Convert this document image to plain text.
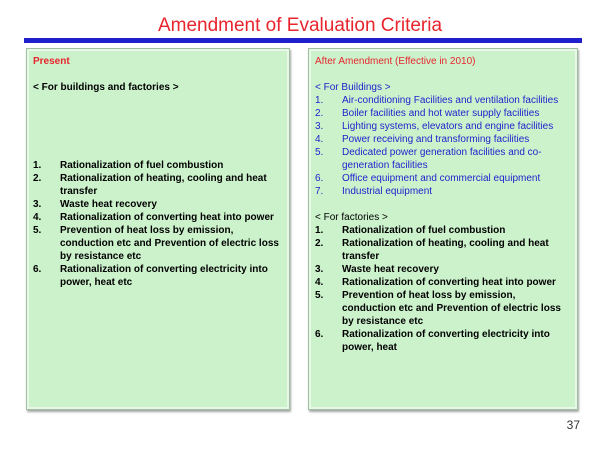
Amendment of Evaluation Criteria
Present
< For buildings and factories >
1.	Rationalization of fuel combustion
2.	Rationalization of heating, cooling and heat transfer
3.	Waste heat recovery
4.	Rationalization of converting heat into power
5.	Prevention of heat loss by emission, conduction etc and Prevention of electric loss by resistance etc
6.	Rationalization of converting electricity into power, heat etc
After Amendment (Effective in 2010)
< For Buildings >
1.	Air-conditioning Facilities and ventilation facilities
2.	Boiler facilities and hot water supply facilities
3.	Lighting systems, elevators and engine facilities
4.	Power receiving and transforming facilities
5.	Dedicated power generation facilities and co-generation facilities
6.	Office equipment and commercial equipment
7.	Industrial equipment
< For factories >
1.	Rationalization of fuel combustion
2.	Rationalization of heating, cooling and heat transfer
3.	Waste heat recovery
4.	Rationalization of converting heat into power
5.	Prevention of heat loss by emission, conduction etc and Prevention of electric loss by resistance etc
6.	Rationalization of converting electricity into power, heat
37
